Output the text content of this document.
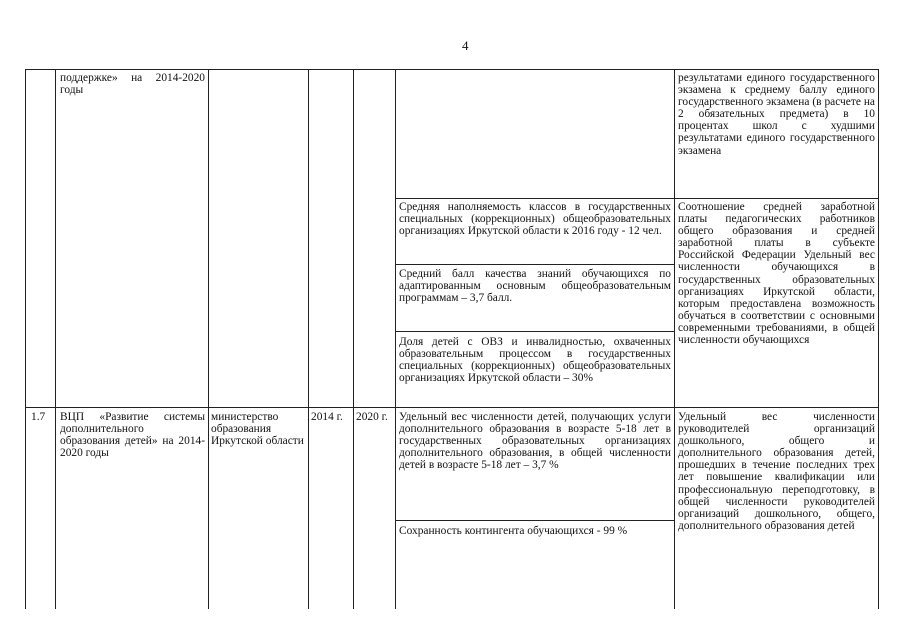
4
поддержке» на 2014-2020 годы
результатами единого государственного экзамена к среднему баллу единого государственного экзамена (в расчете на 2 обязательных предмета) в 10 процентах школ с худшими результатами единого государственного экзамена
Средняя наполняемость классов в государственных специальных (коррекционных) общеобразовательных организациях Иркутской области к 2016 году - 12 чел.
Средний балл качества знаний обучающихся по адаптированным основным общеобразовательным программам – 3,7 балл.
Доля детей с ОВЗ и инвалидностью, охваченных образовательным процессом в государственных специальных (коррекционных) общеобразовательных организациях Иркутской области – 30%
Соотношение средней заработной платы педагогических работников общего образования и средней заработной платы в субъекте Российской Федерации Удельный вес численности обучающихся в государственных образовательных организациях Иркутской области, которым предоставлена возможность обучаться в соответствии с основными современными требованиями, в общей численности обучающихся
1.7	ВЦП «Развитие системы дополнительного образования детей» на 2014-2020 годы
министерство образования Иркутской области
2014 г.	2020 г. Удельный вес численности детей, получающих услуги дополнительного образования в возрасте 5-18 лет в государственных образовательных организациях дополнительного образования, в общей численности детей в возрасте 5-18 лет – 3,7 %
Сохранность контингента обучающихся - 99 %
Удельный вес численности руководителей организаций дошкольного, общего и дополнительного образования детей, прошедших в течение последних трех лет повышение квалификации или профессиональную переподготовку, в общей численности руководителей организаций дошкольного, общего, дополнительного образования детей
